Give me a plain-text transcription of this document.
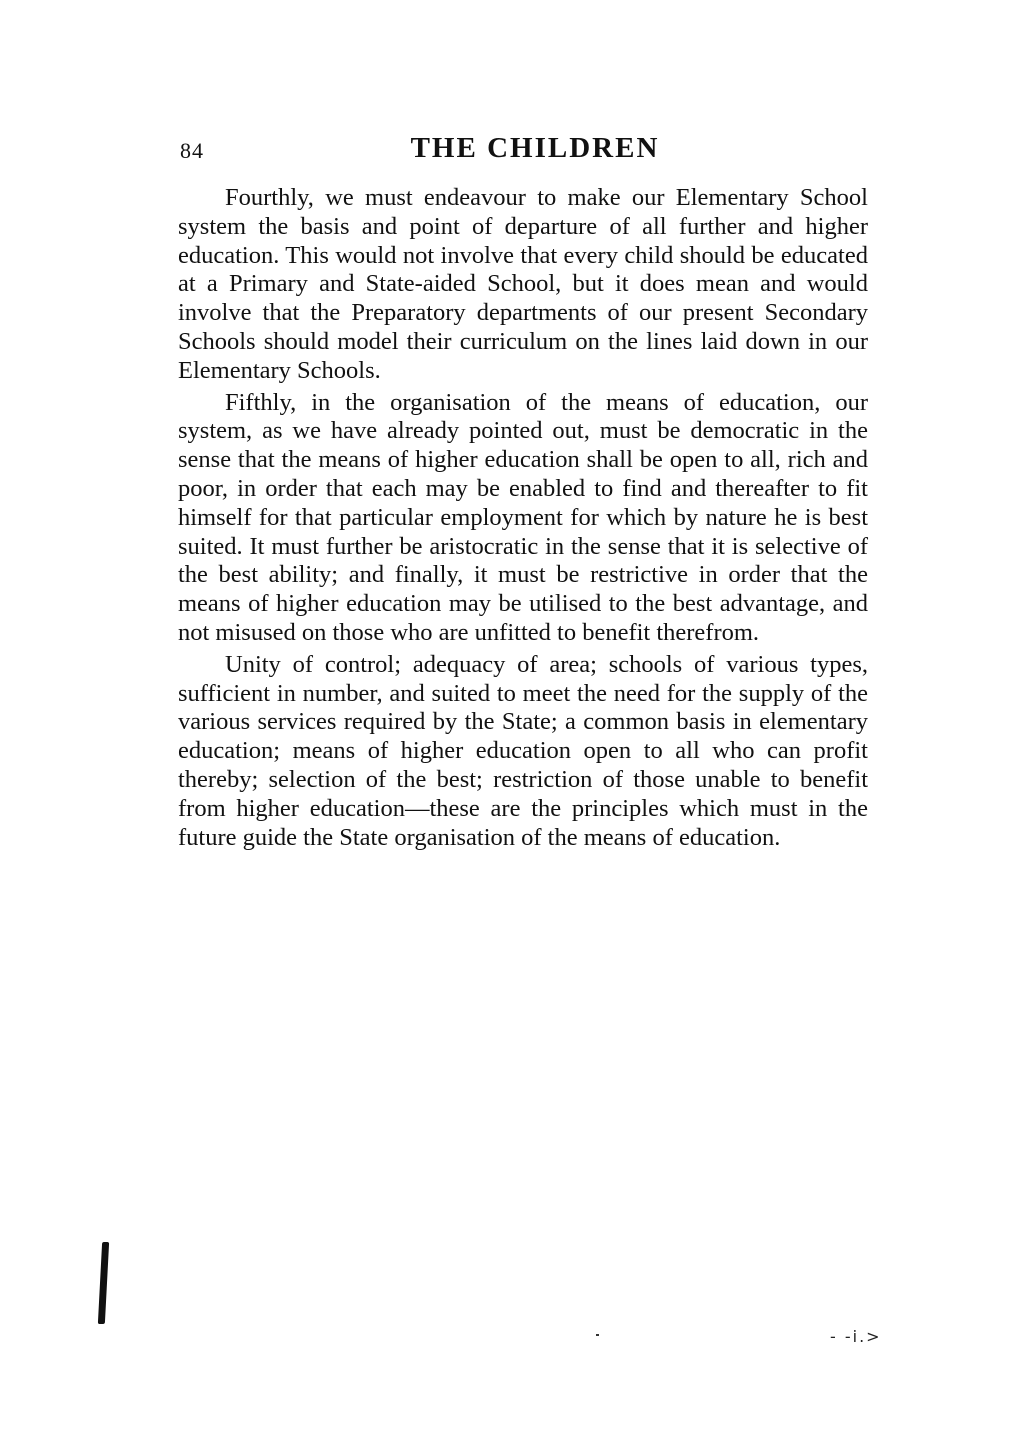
84	THE CHILDREN

Fourthly, we must endeavour to make our Elementary School system the basis and point of departure of all further and higher education. This would not involve that every child should be educated at a Primary and State-aided School, but it does mean and would involve that the Preparatory departments of our present Secondary Schools should model their curriculum on the lines laid down in our Elementary Schools.

Fifthly, in the organisation of the means of education, our system, as we have already pointed out, must be democratic in the sense that the means of higher education shall be open to all, rich and poor, in order that each may be enabled to find and thereafter to fit himself for that particular employment for which by nature he is best suited. It must further be aristocratic in the sense that it is selective of the best ability; and finally, it must be restrictive in order that the means of higher education may be utilised to the best advantage, and not misused on those who are unfitted to benefit therefrom.

Unity of control; adequacy of area; schools of various types, sufficient in number, and suited to meet the need for the supply of the various services required by the State; a common basis in elementary education; means of higher education open to all who can profit thereby; selection of the best; restriction of those unable to benefit from higher education—these are the principles which must in the future guide the State organisation of the means of education.

- ‐i.>
